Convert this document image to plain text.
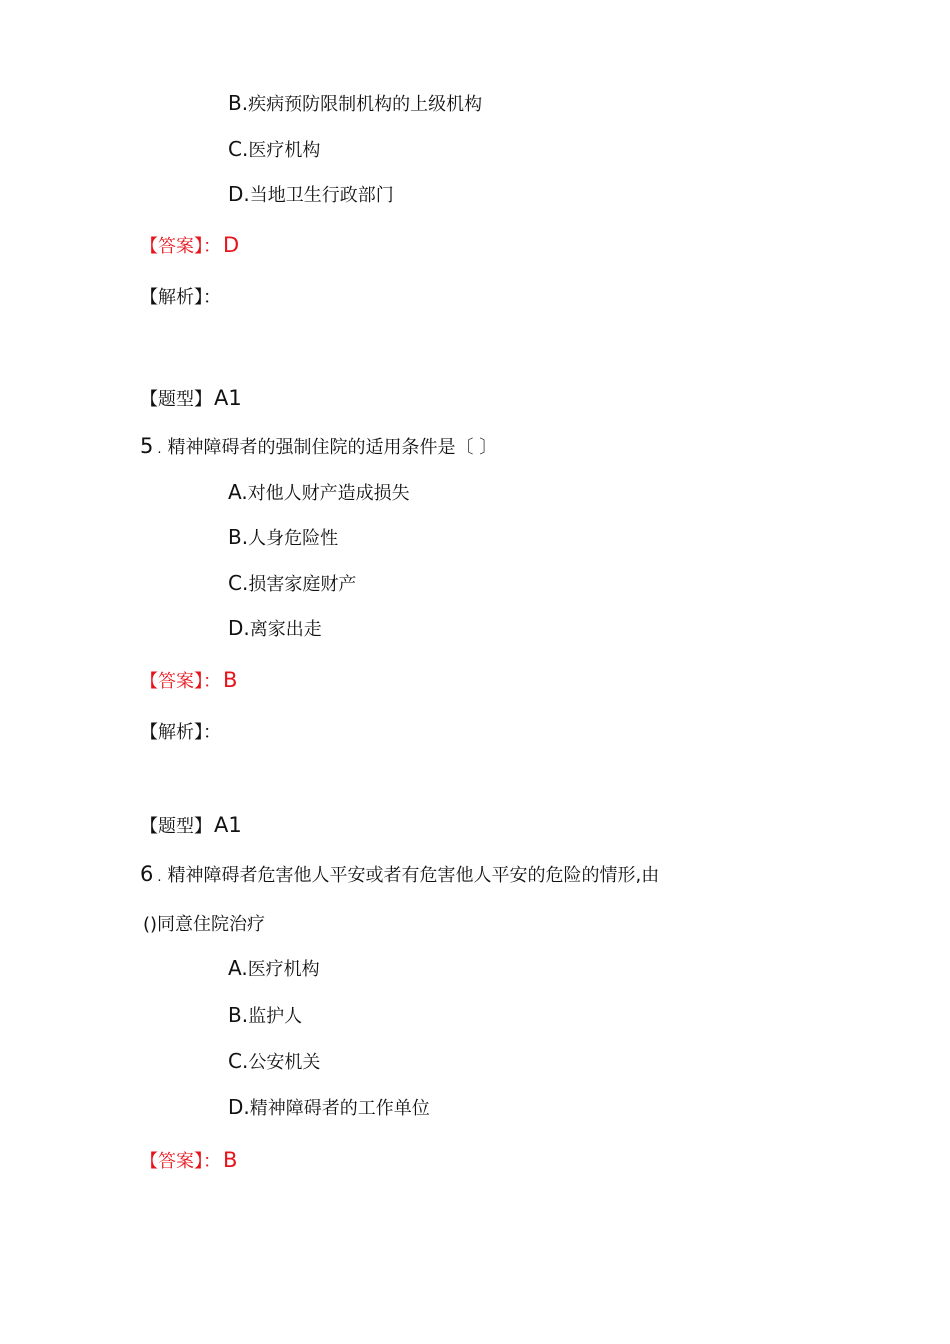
B.疾病预防限制机构的上级机构
C.医疗机构
D.当地卫生行政部门
【答案】：D
【解析】：
【题型】A1
5 . 精神障碍者的强制住院的适用条件是〔 〕
A.对他人财产造成损失
B.人身危险性
C.损害家庭财产
D.离家出走
【答案】：B
【解析】：
【题型】A1
6 . 精神障碍者危害他人平安或者有危害他人平安的危险的情形,由
()同意住院治疗
A.医疗机构
B.监护人
C.公安机关
D.精神障碍者的工作单位
【答案】：B
